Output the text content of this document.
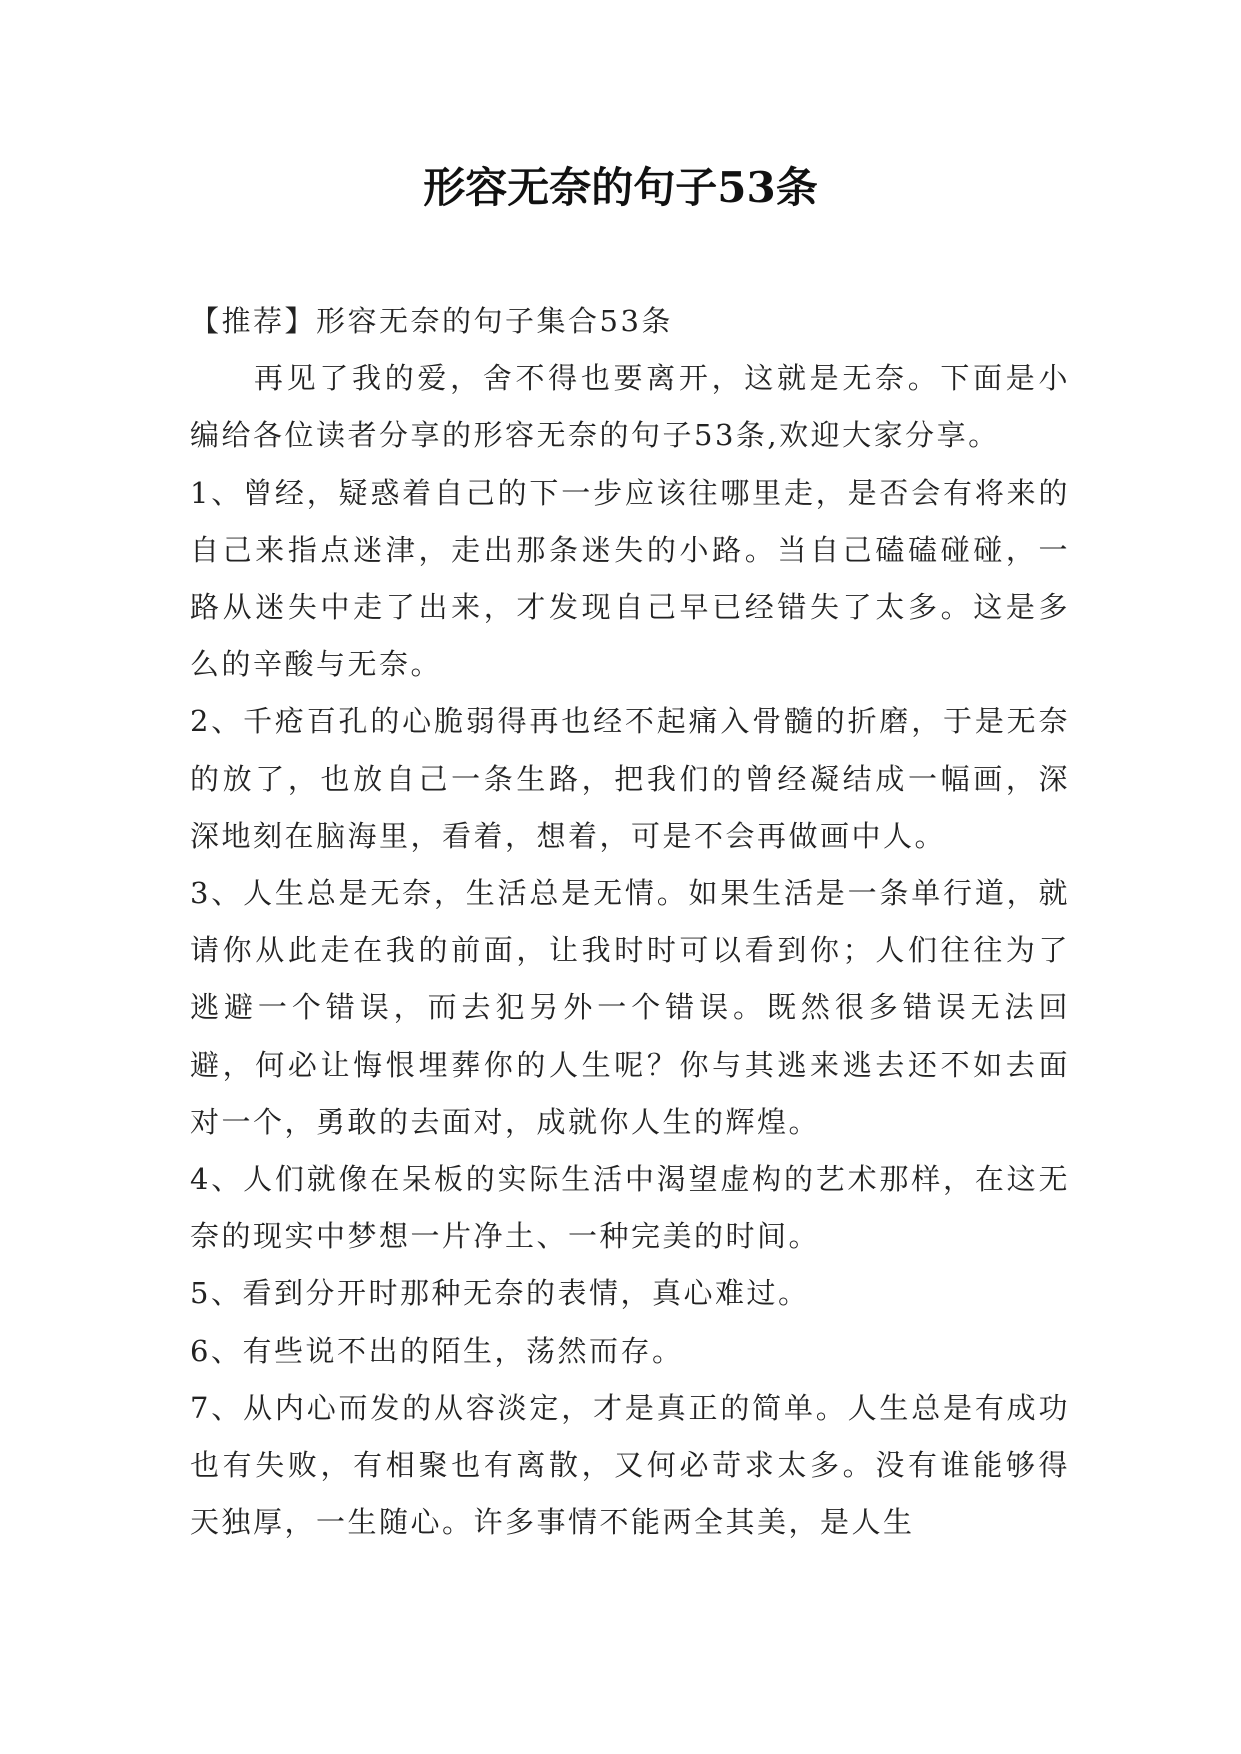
形容无奈的句子53条

【推荐】形容无奈的句子集合53条

再见了我的爱，舍不得也要离开，这就是无奈。下面是小编给各位读者分享的形容无奈的句子53条,欢迎大家分享。

1、曾经，疑惑着自己的下一步应该往哪里走，是否会有将来的自己来指点迷津，走出那条迷失的小路。当自己磕磕碰碰，一路从迷失中走了出来，才发现自己早已经错失了太多。这是多么的辛酸与无奈。

2、千疮百孔的心脆弱得再也经不起痛入骨髓的折磨，于是无奈的放了，也放自己一条生路，把我们的曾经凝结成一幅画，深深地刻在脑海里，看着，想着，可是不会再做画中人。

3、人生总是无奈，生活总是无情。如果生活是一条单行道，就请你从此走在我的前面，让我时时可以看到你；人们往往为了逃避一个错误，而去犯另外一个错误。既然很多错误无法回避，何必让悔恨埋葬你的人生呢？你与其逃来逃去还不如去面对一个，勇敢的去面对，成就你人生的辉煌。

4、人们就像在呆板的实际生活中渴望虚构的艺术那样，在这无奈的现实中梦想一片净土、一种完美的时间。

5、看到分开时那种无奈的表情，真心难过。

6、有些说不出的陌生，荡然而存。

7、从内心而发的从容淡定，才是真正的简单。人生总是有成功也有失败，有相聚也有离散，又何必苛求太多。没有谁能够得天独厚，一生随心。许多事情不能两全其美，是人生
